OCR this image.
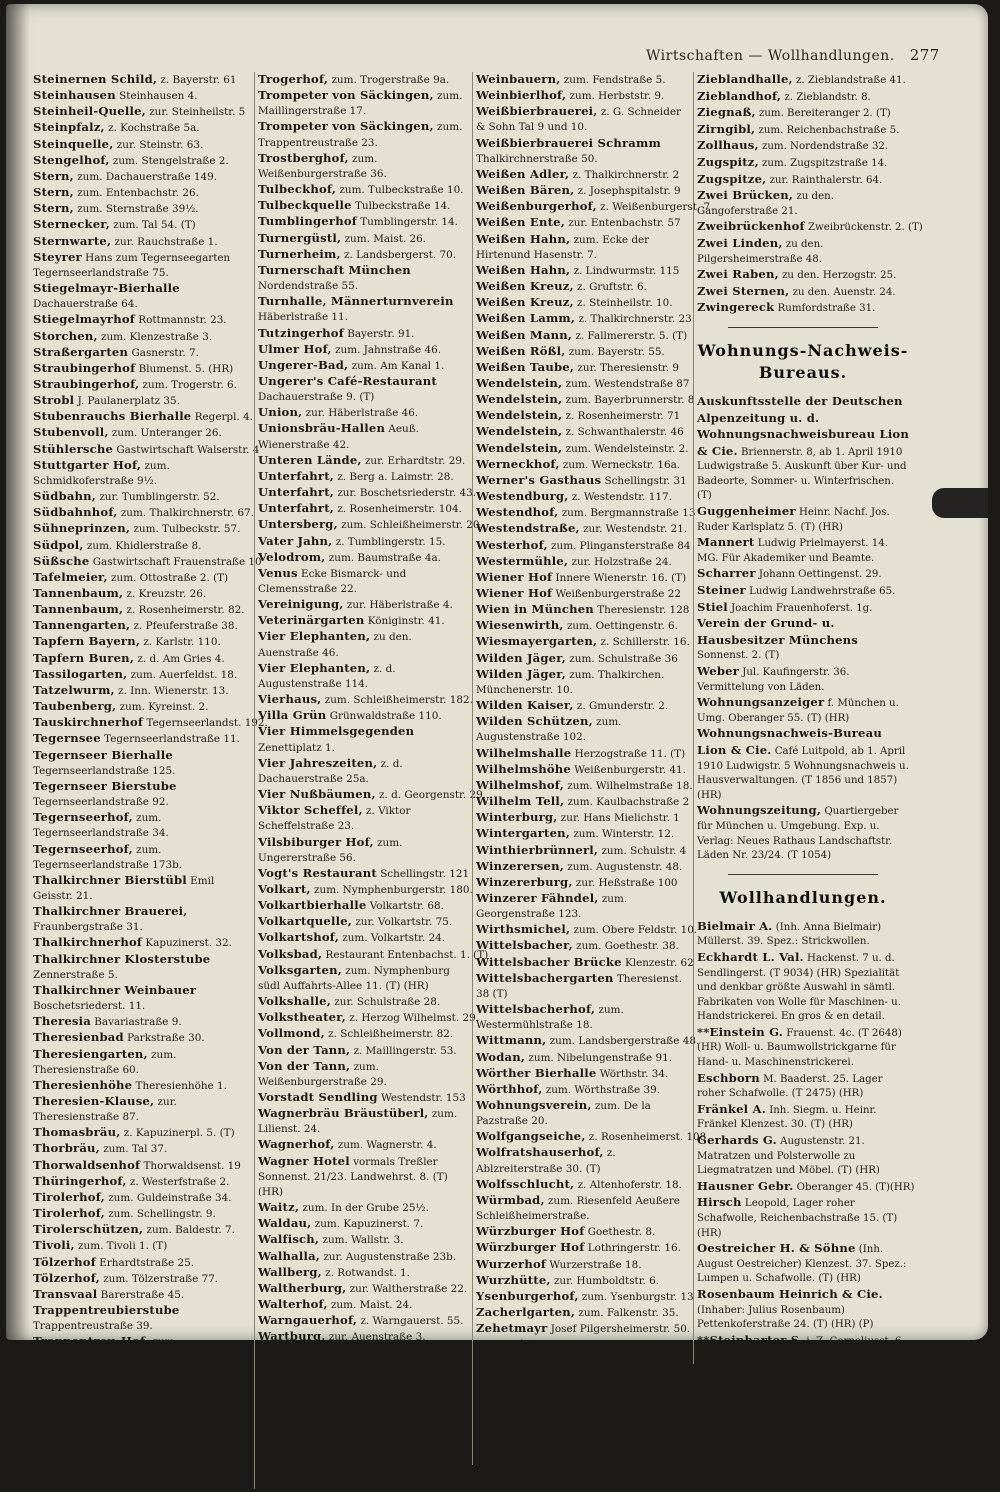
Wirtschaften — Wollhandlungen. 277
Steinernen Schild, z. Bayerstr. 61
Steinhausen Steinhausen 4.
Steinheil-Quelle, zur. Steinheilstr. 5
Steinpfalz, z. Kochstraße 5a.
Steinquelle, zur. Steinstr. 63.
Stengelhof, zum. Stengelstraße 2.
Stern, zum. Dachauerstraße 149.
Stern, zum. Entenbachstr. 26.
Stern, zum. Sternstraße 39½.
Sternecker, zum. Tal 54. (T)
Sternwarte, zur. Rauchstraße 1.
Steyrer Hans zum Tegernseegarten Tegernseerlandstraße 75.
Stiegelmayr-Bierhalle Dachauerstraße 64.
Stiegelmayrhof Rottmannstr. 23.
Storchen, zum. Klenzestraße 3.
Straßergarten Gasnerstr. 7.
Straubingerhof Blumenst. 5. (HR)
Straubingerhof, zum. Trogerstr. 6.
Strobl J. Paulanerplatz 35.
Stubenrauchs Bierhalle Regerpl. 4.
Stubenvoll, zum. Unteranger 26.
Stühlersche Gastwirtschaft Walserstr. 4
Stuttgarter Hof, zum. Schmidkoferstraße 9½.
Südbahn, zur. Tumblingerstr. 52.
Südbahnhof, zum. Thalkirchnerstr. 67.
Sühneprinzen, zum. Tulbeckstr. 57.
Südpol, zum. Khidlerstraße 8.
Süßsche Gastwirtschaft Frauenstraße 10
Tafelmeier, zum. Ottostraße 2. (T)
Tannenbaum, z. Kreuzstr. 26.
Tannenbaum, z. Rosenheimerstr. 82.
Tannengarten, z. Pfeuferstraße 38.
Tapfern Bayern, z. Karlstr. 110.
Tapfern Buren, z. d. Am Gries 4.
Tassilogarten, zum. Auerfeldst. 18.
Tatzelwurm, z. Inn. Wienerstr. 13.
Taubenberg, zum. Kyreinst. 2.
Tauskirchnerhof Tegernseerlandst. 192.
Tegernsee Tegernseerlandstraße 11.
Tegernseer Bierhalle Tegernseerlandstraße 125.
Tegernseer Bierstube Tegernseerlandstraße 92.
Tegernseerhof, zum. Tegernseerlandstraße 34.
Tegernseerhof, zum. Tegernseerlandstraße 173b.
Thalkirchner Bierstübl Emil Geisstr. 21.
Thalkirchner Brauerei, Fraunbergstraße 31.
Thalkirchnerhof Kapuzinerst. 32.
Thalkirchner Klosterstube Zennerstraße 5.
Thalkirchner Weinbauer Boschetsriederst. 11.
Theresia Bavariastraße 9.
Theresienbad Parkstraße 30.
Theresiengarten, zum. Theresienstraße 60.
Theresienhöhe Theresienhöhe 1.
Theresien-Klause, zur. Theresienstraße 87.
Thomasbräu, z. Kapuzinerpl. 5. (T)
Thorbräu, zum. Tal 37.
Thorwaldsenhof Thorwaldsenst. 19
Thüringerhof, z. Westerfstraße 2.
Tirolerhof, zum. Guldeinstraße 34.
Tirolerhof, zum. Schellingstr. 9.
Tirolerschützen, zum. Baldestr. 7.
Tivoli, zum. Tivoli 1. (T)
Tölzerhof Erhardtstraße 25.
Tölzerhof, zum. Tölzerstraße 77.
Transvaal Barerstraße 45.
Trappentreubierstube Trappentreustraße 39.
Trappentreu-Hof, zum. Trappentreustraße 4.
Trappentreu's Bierhalle Westendstraße 123.
Traunstein, zum. Kühbachst. 18.
Traunsteinerhof, zum. Rosenheimerstraße 79.
Trenners Bierhalle Schleißheimerstraße 170.
Trogereck, zum. Trogerstraße 10c.
Trogerhof, zum. Trogerstraße 9a.
Trompeter von Säckingen, zum. Maillingerstraße 17.
Trompeter von Säckingen, zum. Trappentreustraße 23.
Trostberghof, zum. Weißenburgerstraße 36.
Tulbeckhof, zum. Tulbeckstraße 10.
Tulbeckquelle Tulbeckstraße 14.
Tumblingerhof Tumblingerstr. 14.
Turnergüstl, zum. Maist. 26.
Turnerheim, z. Landsbergerst. 70.
Turnerschaft München Nordendstraße 55.
Turnhalle, Männerturnverein Häberlstraße 11.
Tutzingerhof Bayerstr. 91.
Ulmer Hof, zum. Jahnstraße 46.
Ungerer-Bad, zum. Am Kanal 1.
Ungerer's Café-Restaurant Dachauerstraße 9. (T)
Union, zur. Häberlstraße 46.
Unionsbräu-Hallen Aeuß. Wienerstraße 42.
Unteren Lände, zur. Erhardtstr. 29.
Unterfahrt, z. Berg a. Laimstr. 28.
Unterfahrt, zur. Boschetsriederstr. 43.
Unterfahrt, z. Rosenheimerstr. 104.
Untersberg, zum. Schleißheimerstr. 20.
Vater Jahn, z. Tumblingerstr. 15.
Velodrom, zum. Baumstraße 4a.
Venus Ecke Bismarck- und Clemensstraße 22.
Vereinigung, zur. Häberlstraße 4.
Veterinärgarten Königinstr. 41.
Vier Elephanten, zu den. Auenstraße 46.
Vier Elephanten, z. d. Augustenstraße 114.
Vierhaus, zum. Schleißheimerstr. 182.
Villa Grün Grünwaldstraße 110.
Vier Himmelsgegenden Zenettiplatz 1.
Vier Jahreszeiten, z. d. Dachauerstraße 25a.
Vier Nußbäumen, z. d. Georgenstr. 29.
Viktor Scheffel, z. Viktor Scheffelstraße 23.
Vilsbiburger Hof, zum. Ungererstraße 56.
Vogt's Restaurant Schellingstr. 121
Volkart, zum. Nymphenburgerstr. 180.
Volkartbierhalle Volkartstr. 68.
Volkartquelle, zur. Volkartstr. 75.
Volkartshof, zum. Volkartstr. 24.
Volksbad, Restaurant Entenbachst. 1. (T)
Volksgarten, zum. Nymphenburg südl Auffahrts-Allee 11. (T) (HR)
Volkshalle, zur. Schulstraße 28.
Volkstheater, z. Herzog Wilhelmst. 29.
Vollmond, z. Schleißheimerstr. 82.
Von der Tann, z. Maillingerstr. 53.
Von der Tann, zum. Weißenburgerstraße 29.
Vorstadt Sendling Westendstr. 153
Wagnerbräu Bräustüberl, zum. Lilienst. 24.
Wagnerhof, zum. Wagnerstr. 4.
Wagner Hotel vormals Treßler Sonnenst. 21/23. Landwehrst. 8. (T) (HR)
Waitz, zum. In der Grube 25½.
Waldau, zum. Kapuzinerst. 7.
Walfisch, zum. Wallstr. 3.
Walhalla, zur. Augustenstraße 23b.
Wallberg, z. Rotwandst. 1.
Waltherburg, zur. Waltherstraße 22.
Walterhof, zum. Maist. 24.
Warngauerhof, z. Warngauerst. 55.
Wartburg, zur. Auenstraße 3.
Wartburg, zur. Hofmannstr. 28.
Wasserburgerhof, zum. Aeußere Wienerstraße 50.
Watzmann, z. Tegernseerlandstr. 26.
Watzmannshaus, z. Zugspitzstr. 10.
Weidelichsche Gastwirtschaft Balanstraße 93.
Weidenhof, zum. Sommerstraße 39.
Weigl, zum. Hirschbergstraße 10.
Weinbauern, zum. Fendstraße 5.
Weinbierlhof, zum. Herbststr. 9.
Weißbierbrauerei, z. G. Schneider & Sohn Tal 9 und 10.
Weißbierbrauerei Schramm Thalkirchnerstraße 50.
Weißen Adler, z. Thalkirchnerstr. 2
Weißen Bären, z. Josephspitalstr. 9
Weißenburgerhof, z. Weißenburgerst. 7
Weißen Ente, zur. Entenbachstr. 57
Weißen Hahn, zum. Ecke der Hirtenund Hasenstr. 7.
Weißen Hahn, z. Lindwurmstr. 115
Weißen Kreuz, z. Gruftstr. 6.
Weißen Kreuz, z. Steinheilstr. 10.
Weißen Lamm, z. Thalkirchnerstr. 23
Weißen Mann, z. Fallmererstr. 5. (T)
Weißen Rößl, zum. Bayerstr. 55.
Weißen Taube, zur. Theresienstr. 9
Wendelstein, zum. Westendstraße 87
Wendelstein, zum. Bayerbrunnerstr. 8
Wendelstein, z. Rosenheimerstr. 71
Wendelstein, z. Schwanthalerstr. 46
Wendelstein, zum. Wendelsteinstr. 2.
Werneckhof, zum. Werneckstr. 16a.
Werner's Gasthaus Schellingstr. 31
Westendburg, z. Westendstr. 117.
Westendhof, zum. Bergmannstraße 13
Westendstraße, zur. Westendstr. 21.
Westerhof, zum. Plingansterstraße 84
Westermühle, zur. Holzstraße 24.
Wiener Hof Innere Wienerstr. 16. (T)
Wiener Hof Weißenburgerstraße 22
Wien in München Theresienstr. 128
Wiesenwirth, zum. Oettingenstr. 6.
Wiesmayergarten, z. Schillerstr. 16.
Wilden Jäger, zum. Schulstraße 36
Wilden Jäger, zum. Thalkirchen. Münchenerstr. 10.
Wilden Kaiser, z. Gmunderstr. 2.
Wilden Schützen, zum. Augustenstraße 102.
Wilhelmshalle Herzogstraße 11. (T)
Wilhelmshöhe Weißenburgerstr. 41.
Wilhelmshof, zum. Wilhelmstraße 18.
Wilhelm Tell, zum. Kaulbachstraße 2
Winterburg, zur. Hans Mielichstr. 1
Wintergarten, zum. Winterstr. 12.
Winthierbrünnerl, zum. Schulstr. 4
Winzerersen, zum. Augustenstr. 48.
Winzererburg, zur. Heßstraße 100
Winzerer Fähndel, zum. Georgenstraße 123.
Wirthsmichel, zum. Obere Feldstr. 10.
Wittelsbacher, zum. Goethestr. 38.
Wittelsbacher Brücke Klenzestr. 62
Wittelsbachergarten Theresienst. 38 (T)
Wittelsbacherhof, zum. Westermühlstraße 18.
Wittmann, zum. Landsbergerstraße 48.
Wodan, zum. Nibelungenstraße 91.
Wörther Bierhalle Wörthstr. 34.
Wörthhof, zum. Wörthstraße 39.
Wohnungsverein, zum. De la Pazstraße 20.
Wolfgangseiche, z. Rosenheimerst. 108
Wolfratshauserhof, z. Ablzreiterstraße 30. (T)
Wolfsschlucht, z. Altenhoferstr. 18.
Würmbad, zum. Riesenfeld Aeußere Schleißheimerstraße.
Würzburger Hof Goethestr. 8.
Würzburger Hof Lothringerstr. 16.
Wurzerhof Wurzerstraße 18.
Wurzhütte, zur. Humboldtstr. 6.
Ysenburgerhof, zum. Ysenburgstr. 13
Zacherlgarten, zum. Falkenstr. 35.
Zehetmayr Josef Pilgersheimerstr. 50.
Zenettigarten, zum. Ablzreiterstr. 45.
Zentnerhof, z. Zentnerstr. 7.
Zentralherberge, z. Wirtschaft Pesenbachstr. 4a.
Zentralwerkstätte, zur. Donnersbergerstraße 72. (HR)
Zeughaus, zum. Lothstraße 60.
Zieblandgarten, z. Zieblandstr. 29
Zieblandhalle, z. Zieblandstraße 41.
Zieblandhof, z. Zieblandstr. 8.
Ziegnaß, zum. Bereiteranger 2. (T)
Zirngibl, zum. Reichenbachstraße 5.
Zollhaus, zum. Nordendstraße 32.
Zugspitz, zum. Zugspitzstraße 14.
Zugspitze, zur. Rainthalerstr. 64.
Zwei Brücken, zu den. Gangoferstraße 21.
Zweibrückenhof Zweibrückenstr. 2. (T)
Zwei Linden, zu den. Pilgersheimerstraße 48.
Zwei Raben, zu den. Herzogstr. 25.
Zwei Sternen, zu den. Auenstr. 24.
Zwingereck Rumfordstraße 31.
Wohnungs-Nachweis-
Bureaus.
Auskunftsstelle der Deutschen Alpenzeitung u. d. Wohnungsnachweisbureau Lion & Cie. Briennerstr. 8, ab 1. April 1910 Ludwigstraße 5. Auskunft über Kur- und Badeorte, Sommer- u. Winterfrischen. (T)
Guggenheimer Heinr. Nachf. Jos. Ruder Karlsplatz 5. (T) (HR)
Mannert Ludwig Prielmayerst. 14. MG. Für Akademiker und Beamte.
Scharrer Johann Oettingenst. 29.
Steiner Ludwig Landwehrstraße 65.
Stiel Joachim Frauenhoferst. 1g.
Verein der Grund- u. Hausbesitzer Münchens Sonnenst. 2. (T)
Weber Jul. Kaufingerstr. 36. Vermittelung von Läden.
Wohnungsanzeiger f. München u. Umg. Oberanger 55. (T) (HR)
Wohnungsnachweis-Bureau Lion & Cie. Café Luitpold, ab 1. April 1910 Ludwigstr. 5 Wohnungsnachweis u. Hausverwaltungen. (T 1856 und 1857) (HR)
Wohnungszeitung, Quartiergeber für München u. Umgebung. Exp. u. Verlag: Neues Rathaus Landschaftstr. Läden Nr. 23/24. (T 1054)
Wollhandlungen.
Bielmair A. (Inh. Anna Bielmair) Müllerst. 39. Spez.: Strickwollen.
Eckhardt L. Val. Hackenst. 7 u. d. Sendlingerst. (T 9034) (HR) Spezialität und denkbar größte Auswahl in sämtl. Fabrikaten von Wolle für Maschinen- u. Handstrickerei. En gros & en detail.
**Einstein G. Frauenst. 4c. (T 2648) (HR) Woll- u. Baumwollstrickgarne für Hand- u. Maschinenstrickerei.
Eschborn M. Baaderst. 25. Lager roher Schafwolle. (T 2475) (HR)
Fränkel A. Inh. Siegm. u. Heinr. Fränkel Klenzest. 30. (T) (HR)
Gerhards G. Augustenstr. 21. Matratzen und Polsterwolle zu Liegmatratzen und Möbel. (T) (HR)
Hausner Gebr. Oberanger 45. (T)(HR)
Hirsch Leopold, Lager roher Schafwolle, Reichenbachstraße 15. (T) (HR)
Oestreicher H. & Söhne (Inh. August Oestreicher) Klenzest. 37. Spez.: Lumpen u. Schafwolle. (T) (HR)
Rosenbaum Heinrich & Cie. (Inhaber: Julius Rosenbaum) Pettenkoferstraße 24. (T) (HR) (P)
**Steinharter S. i. Z. Corneliusst. 6 Lager: Sommerstraße 9. (T) (HR)
